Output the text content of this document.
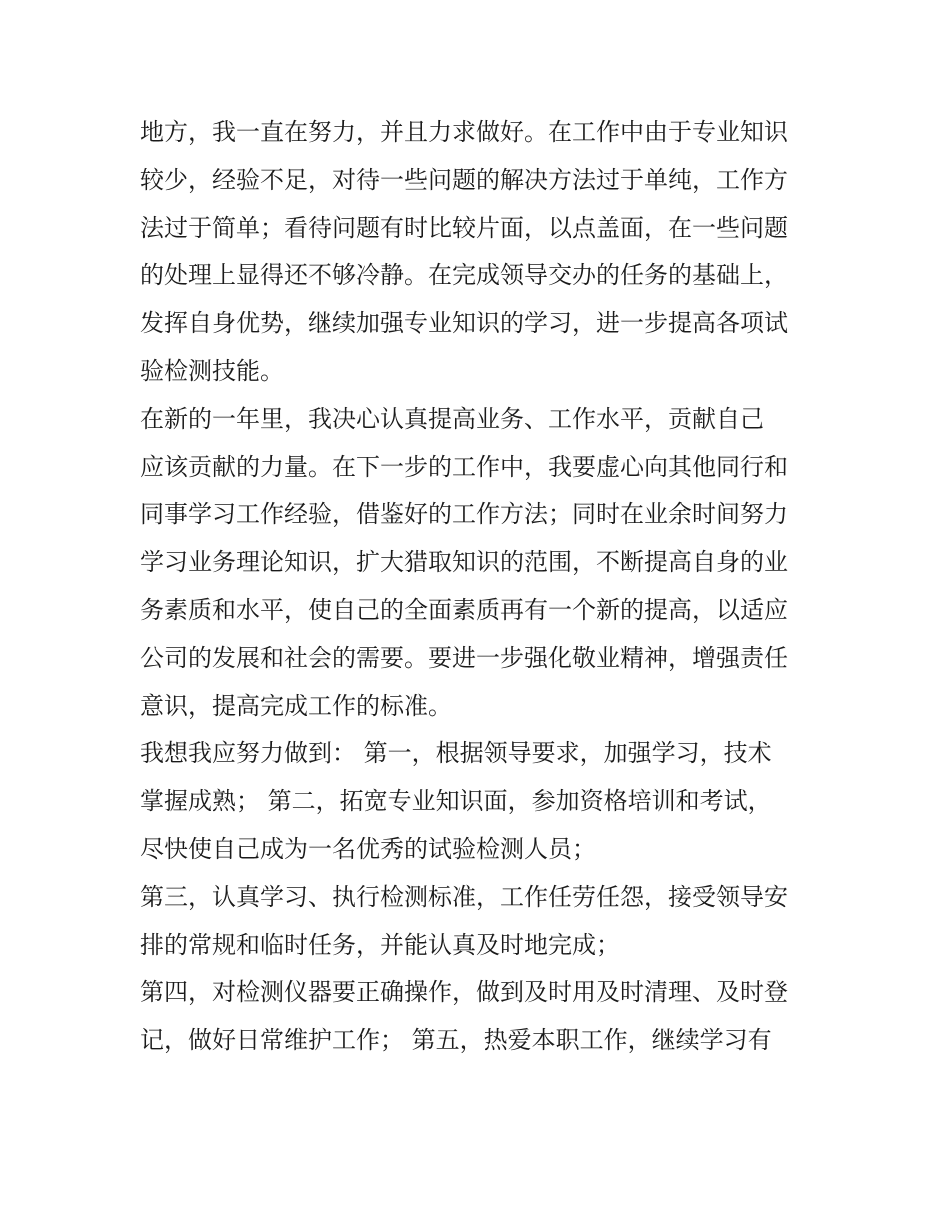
地方，我一直在努力，并且力求做好。在工作中由于专业知识
较少，经验不足，对待一些问题的解决方法过于单纯，工作方
法过于简单；看待问题有时比较片面，以点盖面，在一些问题
的处理上显得还不够冷静。在完成领导交办的任务的基础上，
发挥自身优势，继续加强专业知识的学习，进一步提高各项试
验检测技能。
在新的一年里，我决心认真提高业务、工作水平，贡献自己
应该贡献的力量。在下一步的工作中，我要虚心向其他同行和
同事学习工作经验，借鉴好的工作方法；同时在业余时间努力
学习业务理论知识，扩大猎取知识的范围，不断提高自身的业
务素质和水平，使自己的全面素质再有一个新的提高，以适应
公司的发展和社会的需要。要进一步强化敬业精神，增强责任
意识，提高完成工作的标准。
我想我应努力做到： 第一，根据领导要求，加强学习，技术
掌握成熟； 第二，拓宽专业知识面，参加资格培训和考试，
尽快使自己成为一名优秀的试验检测人员；
第三，认真学习、执行检测标准，工作任劳任怨，接受领导安
排的常规和临时任务，并能认真及时地完成；
第四，对检测仪器要正确操作，做到及时用及时清理、及时登
记，做好日常维护工作； 第五，热爱本职工作，继续学习有
